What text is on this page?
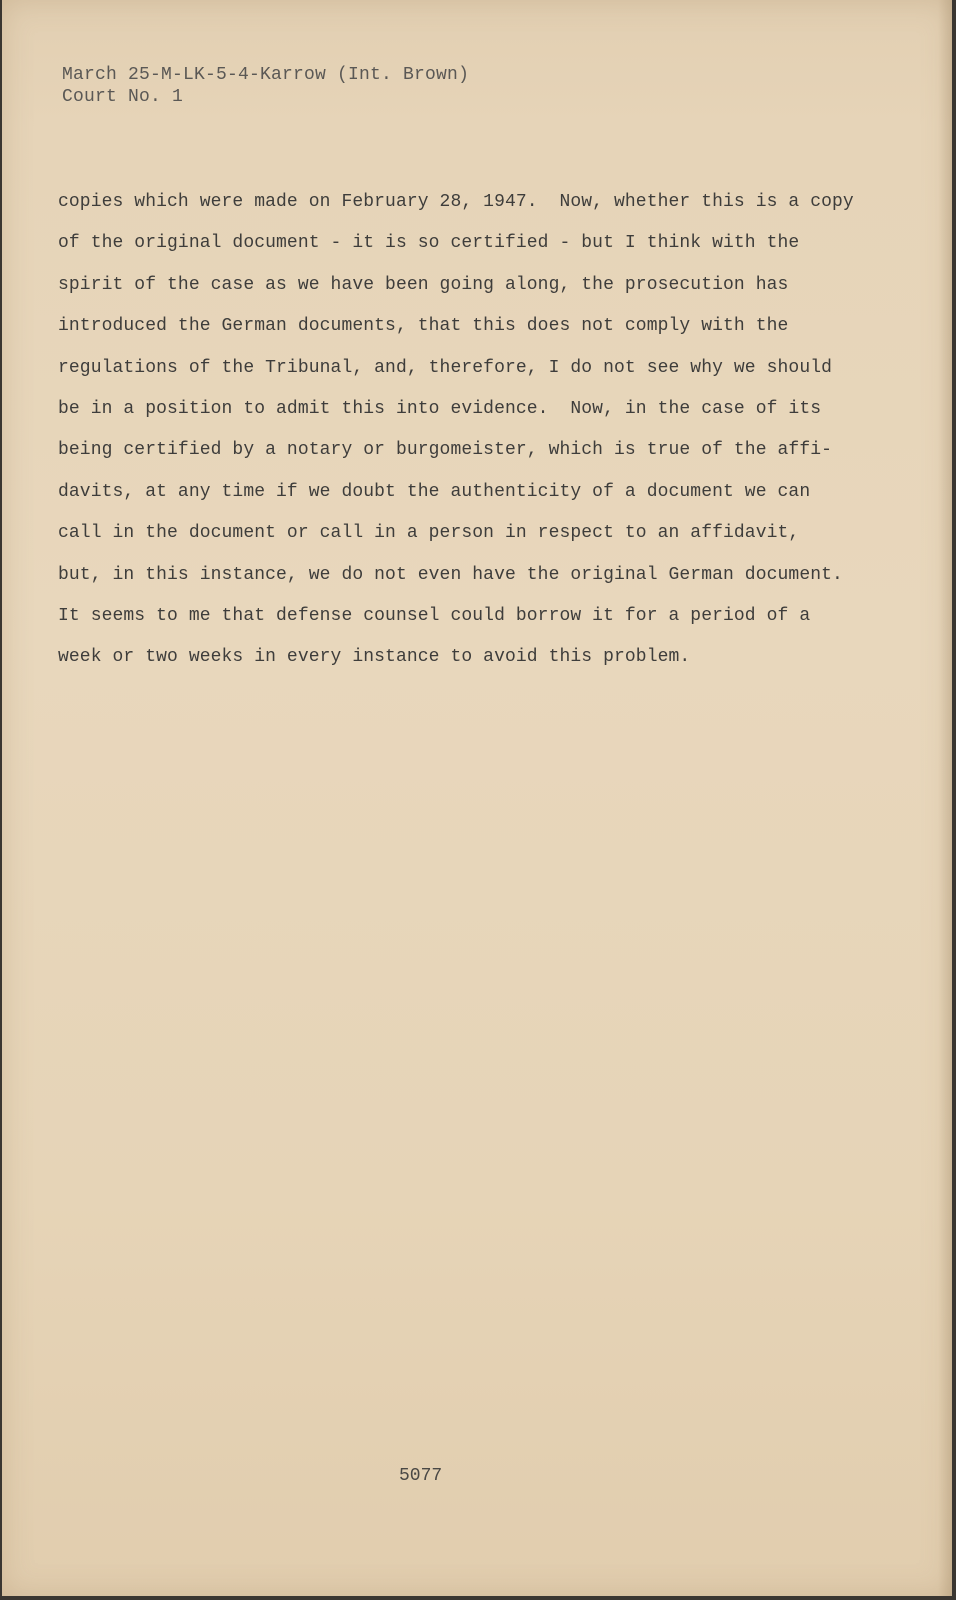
March 25-M-LK-5-4-Karrow (Int. Brown)
Court No. 1
copies which were made on February 28, 1947.  Now, whether this is a copy
of the original document - it is so certified - but I think with the
spirit of the case as we have been going along, the prosecution has
introduced the German documents, that this does not comply with the
regulations of the Tribunal, and, therefore, I do not see why we should
be in a position to admit this into evidence.  Now, in the case of its
being certified by a notary or burgomeister, which is true of the affi-
davits, at any time if we doubt the authenticity of a document we can
call in the document or call in a person in respect to an affidavit,
but, in this instance, we do not even have the original German document.
It seems to me that defense counsel could borrow it for a period of a
week or two weeks in every instance to avoid this problem.
5077
